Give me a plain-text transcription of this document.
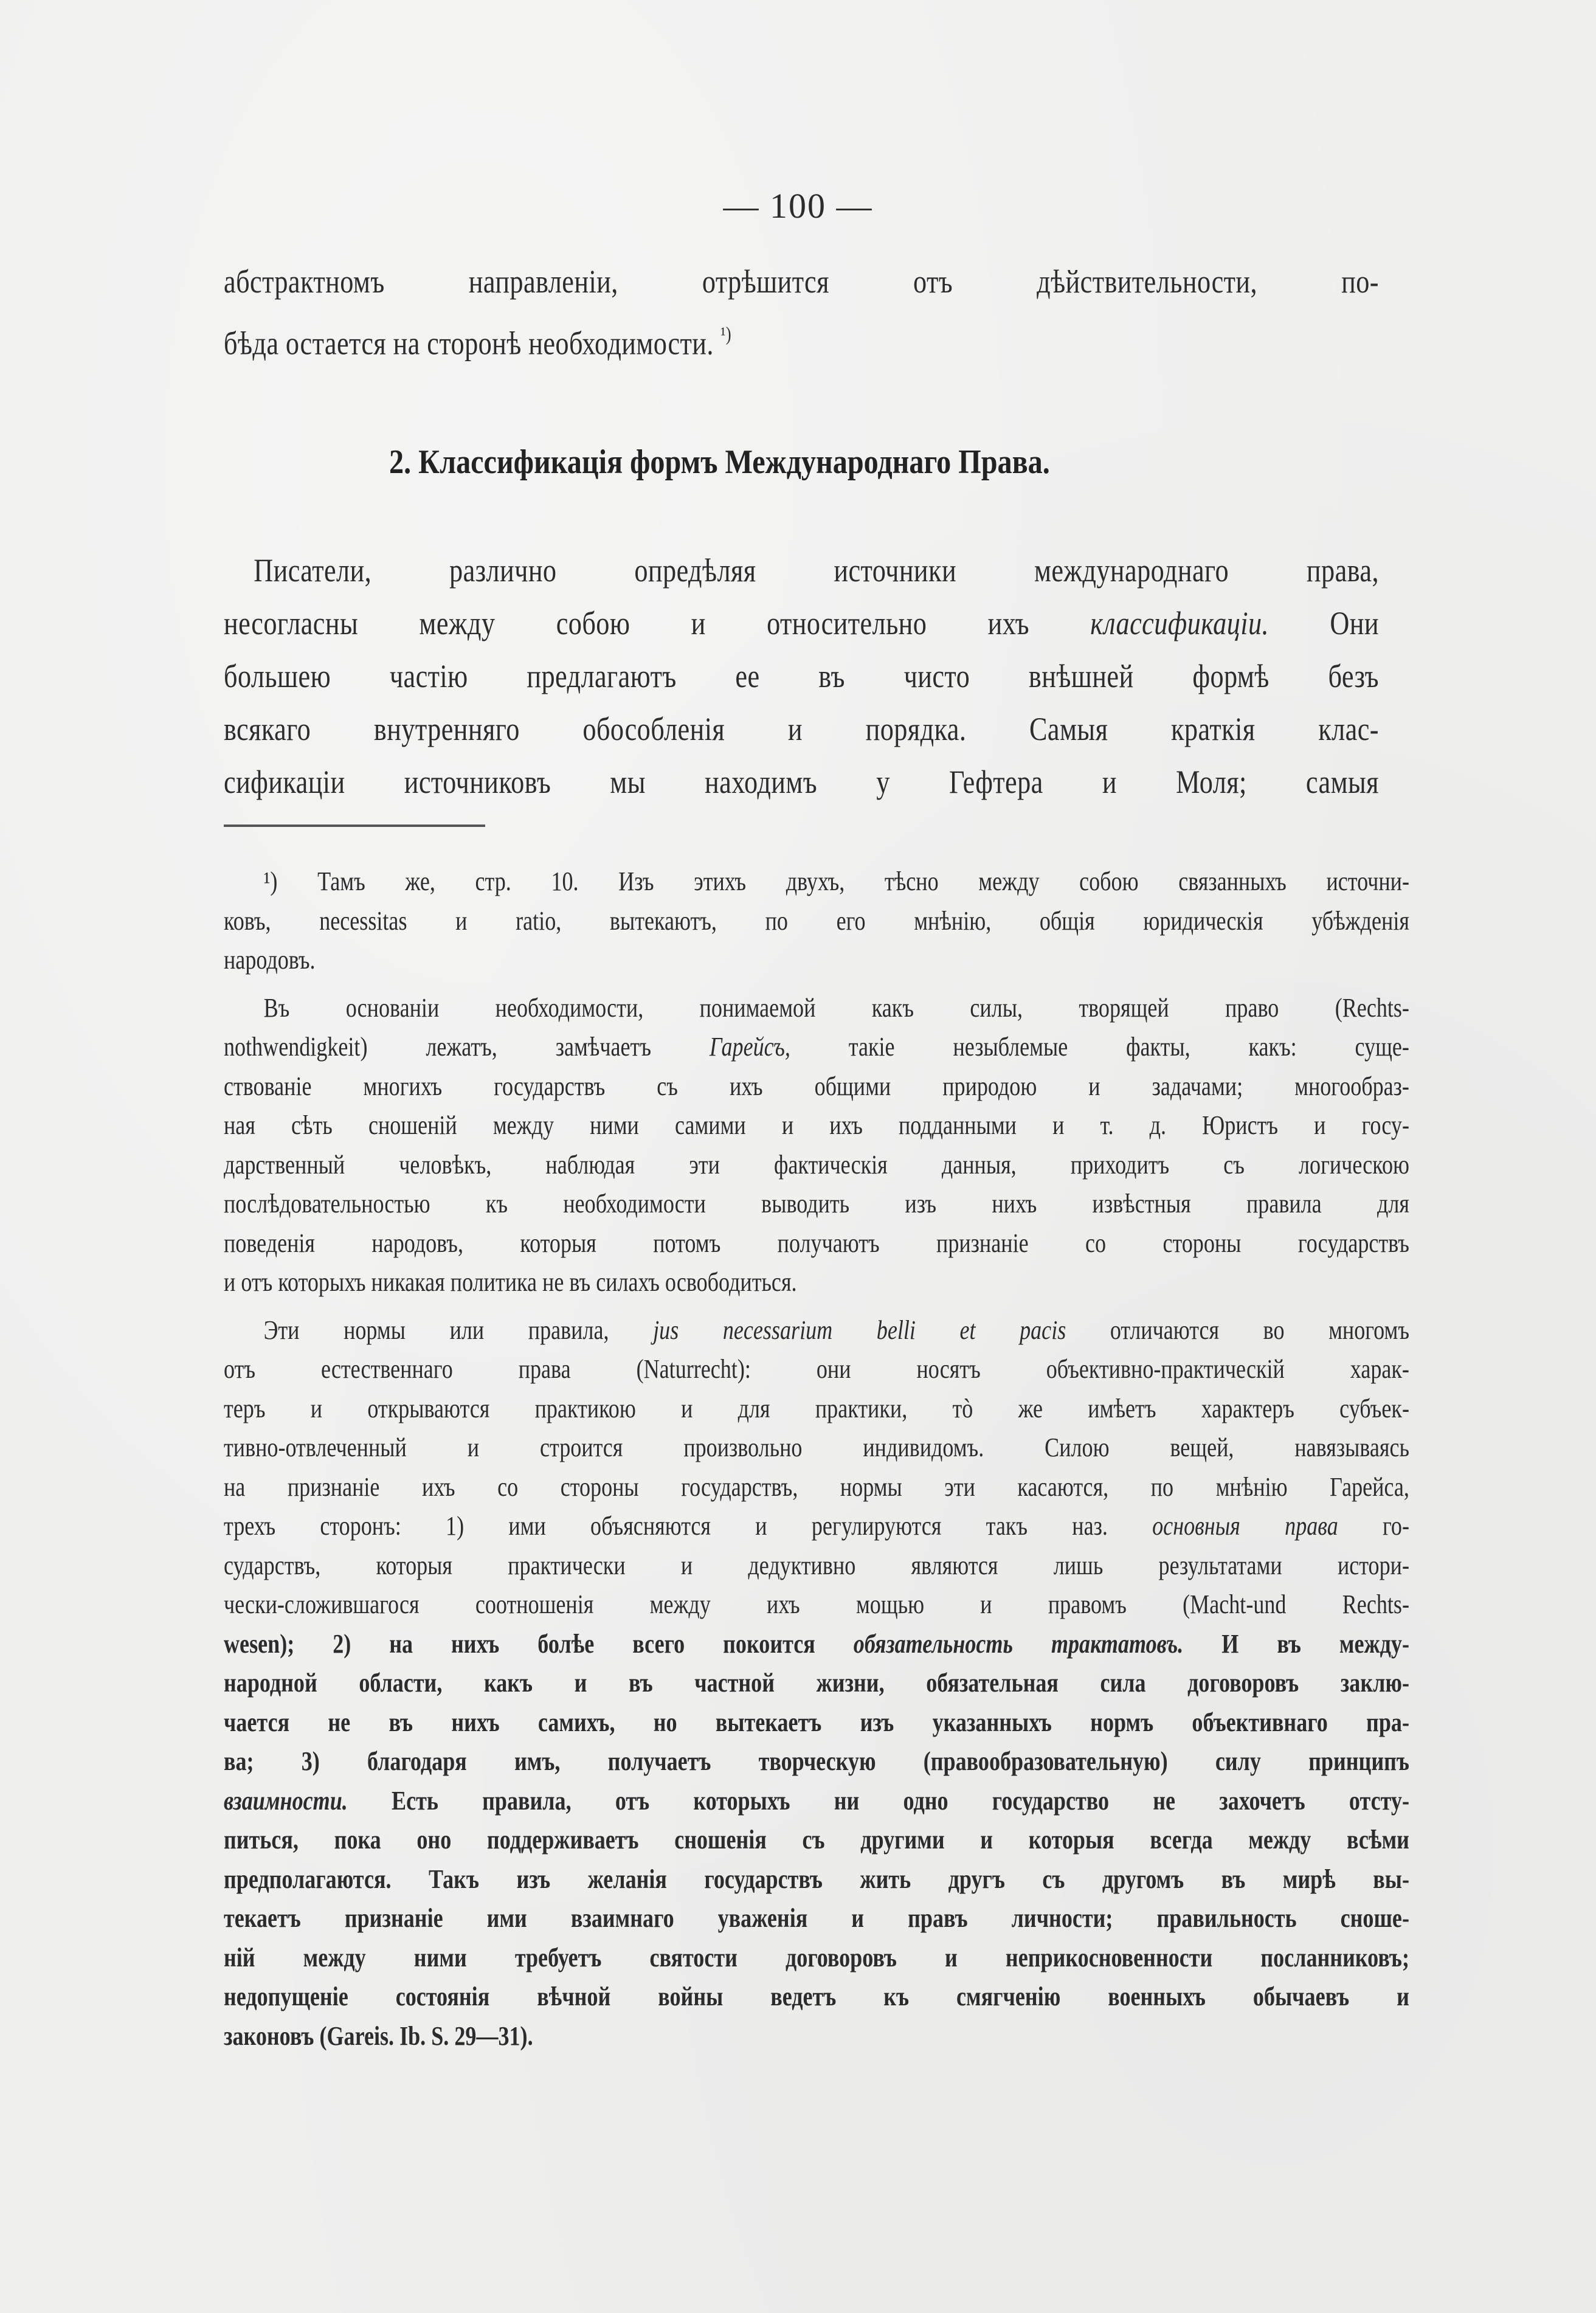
— 100 —
абстрактномъ направленіи, отрѣшится отъ дѣйствительности, по-
бѣда остается на сторонѣ необходимости. $^{^1)}$
2. Классификація формъ Международнаго Права.
Писатели, различно опредѣляя источники международнаго права,
несогласны между собою и относительно ихъ классификаціи. Они
большею частію предлагаютъ ее въ чисто внѣшней формѣ безъ
всякаго внутренняго обособленія и порядка. Самыя краткія клас-
сификаціи источниковъ мы находимъ у Гефтера и Моля; самыя
¹) Тамъ же, стр. 10. Изъ этихъ двухъ, тѣсно между собою связанныхъ источни-
ковъ, necessitas и ratio, вытекаютъ, по его мнѣнію, общія юридическія убѣжденія
народовъ.
Въ основаніи необходимости, понимаемой какъ силы, творящей право (Rechts-
nothwendigkeit) лежатъ, замѣчаетъ Гарейсъ, такіе незыблемые факты, какъ: суще-
ствованіе многихъ государствъ съ ихъ общими природою и задачами; многообраз-
ная сѣть сношеній между ними самими и ихъ подданными и т. д. Юристъ и госу-
дарственный человѣкъ, наблюдая эти фактическія данныя, приходитъ съ логическою
послѣдовательностью къ необходимости выводить изъ нихъ извѣстныя правила для
поведенія народовъ, которыя потомъ получаютъ признаніе со стороны государствъ
и отъ которыхъ никакая политика не въ силахъ освободиться.
Эти нормы или правила, jus necessarium belli et pacis отличаются во многомъ
отъ естественнаго права (Naturrecht): они носятъ объективно-практическій харак-
теръ и открываются практикою и для практики, тò же имѣетъ характеръ субъек-
тивно-отвлеченный и строится произвольно индивидомъ. Силою вещей, навязываясь
на признаніе ихъ со стороны государствъ, нормы эти касаются, по мнѣнію Гарейса,
трехъ сторонъ: 1) ими объясняются и регулируются такъ наз. основныя права го-
сударствъ, которыя практически и дедуктивно являются лишь результатами истори-
чески-сложившагося соотношенія между ихъ мощью и правомъ (Macht-und Rechts-
wesen); 2) на нихъ болѣе всего покоится обязательность трактатовъ. И въ между-
народной области, какъ и въ частной жизни, обязательная сила договоровъ заклю-
чается не въ нихъ самихъ, но вытекаетъ изъ указанныхъ нормъ объективнаго пра-
ва; 3) благодаря имъ, получаетъ творческую (правообразовательную) силу принципъ
взаимности. Есть правила, отъ которыхъ ни одно государство не захочетъ отсту-
питься, пока оно поддерживаетъ сношенія съ другими и которыя всегда между всѣми
предполагаются. Такъ изъ желанія государствъ жить другъ съ другомъ въ мирѣ вы-
текаетъ признаніе ими взаимнаго уваженія и правъ личности; правильность сноше-
ній между ними требуетъ святости договоровъ и неприкосновенности посланниковъ;
недопущеніе состоянія вѣчной войны ведетъ къ смягченію военныхъ обычаевъ и
законовъ (Gareis. Ib. S. 29—31).
